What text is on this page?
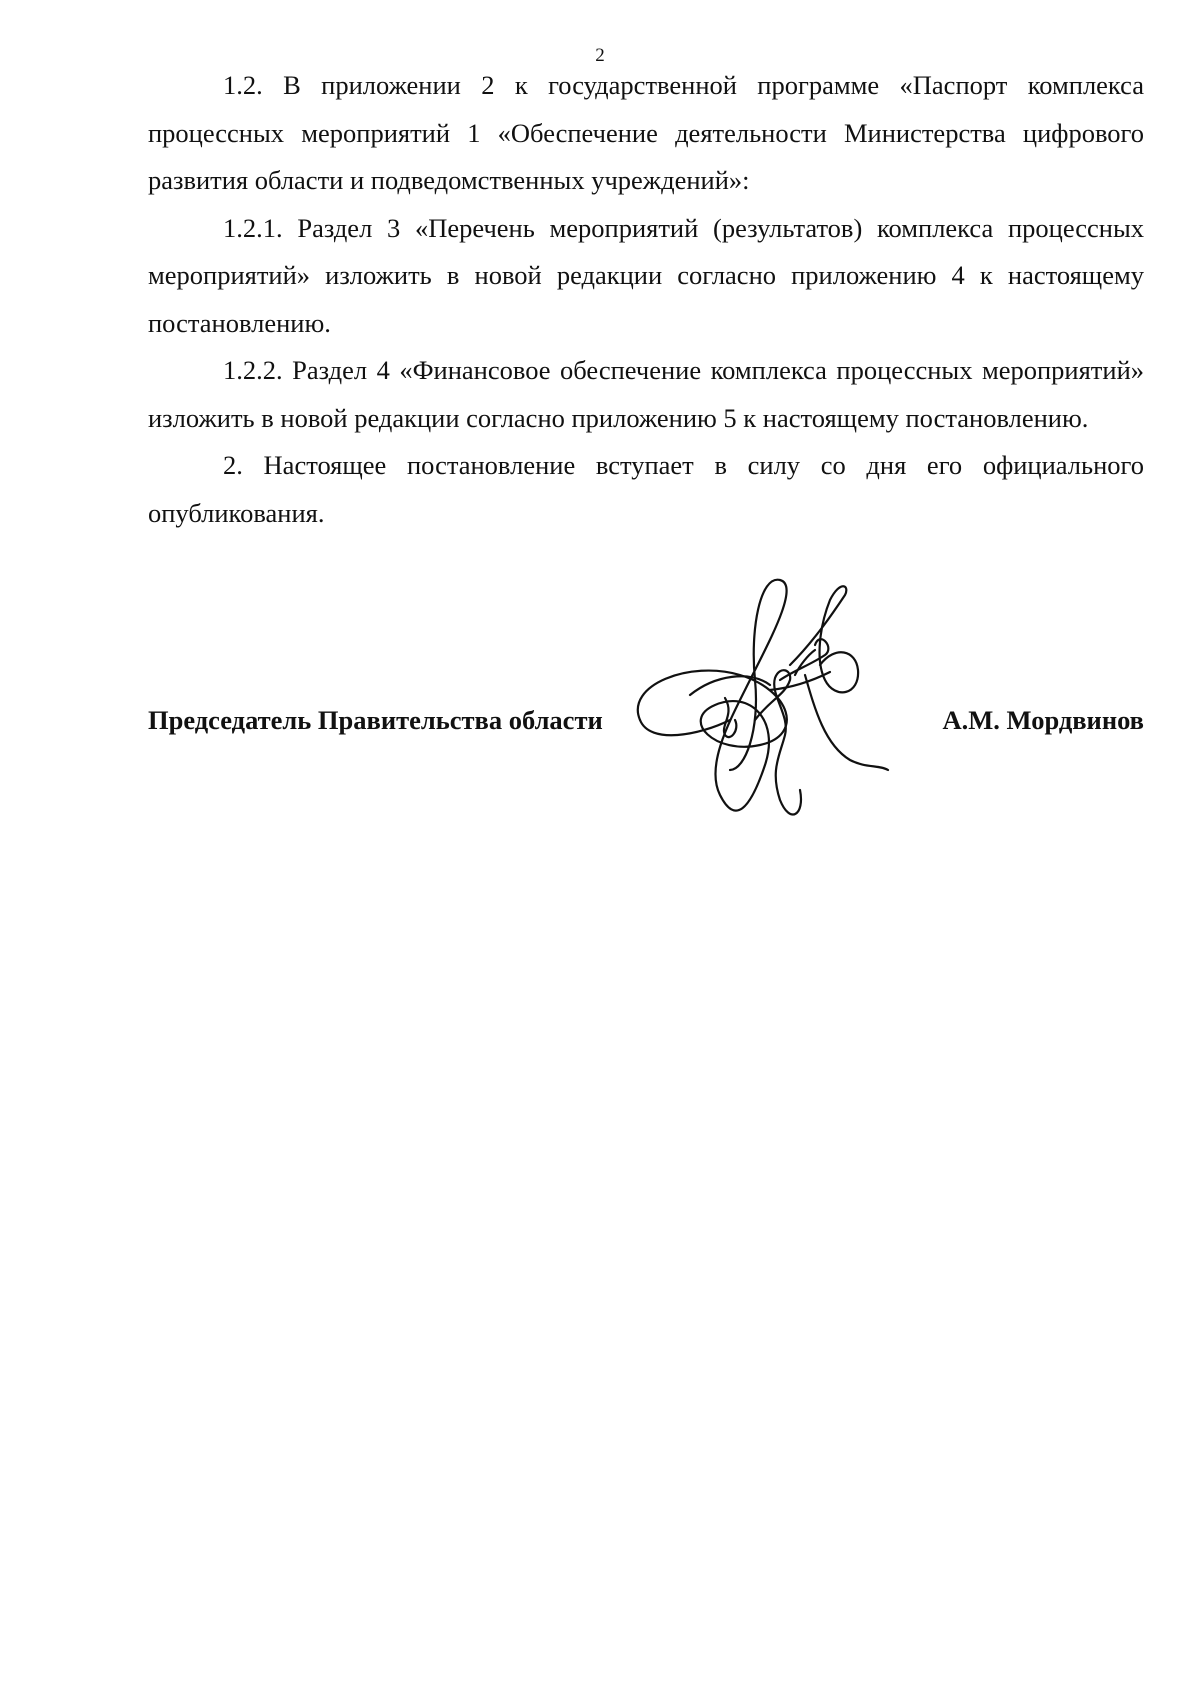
2

1.2. В приложении 2 к государственной программе «Паспорт комплекса процессных мероприятий 1 «Обеспечение деятельности Министерства цифрового развития области и подведомственных учреждений»:

1.2.1. Раздел 3 «Перечень мероприятий (результатов) комплекса процессных мероприятий» изложить в новой редакции согласно приложению 4 к настоящему постановлению.

1.2.2. Раздел 4 «Финансовое обеспечение комплекса процессных мероприятий» изложить в новой редакции согласно приложению 5 к настоящему постановлению.

2. Настоящее постановление вступает в силу со дня его официального опубликования.

Председатель Правительства области	А.М. Мордвинов
